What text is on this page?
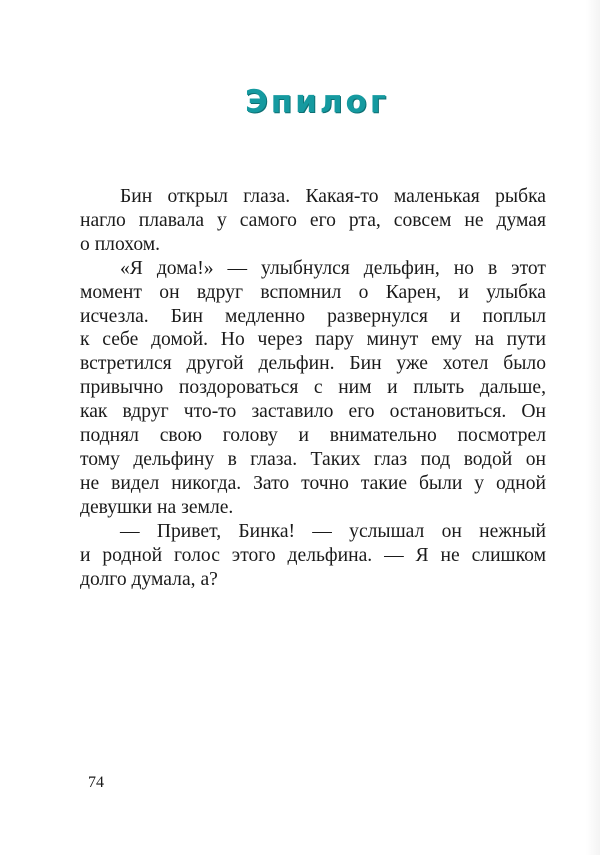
Эпилог
Бин открыл глаза. Какая-то маленькая рыбка
нагло плавала у самого его рта, совсем не думая
о плохом.
«Я дома!» — улыбнулся дельфин, но в этот
момент он вдруг вспомнил о Карен, и улыбка
исчезла. Бин медленно развернулся и поплыл
к себе домой. Но через пару минут ему на пути
встретился другой дельфин. Бин уже хотел было
привычно поздороваться с ним и плыть дальше,
как вдруг что-то заставило его остановиться. Он
поднял свою голову и внимательно посмотрел
тому дельфину в глаза. Таких глаз под водой он
не видел никогда. Зато точно такие были у одной
девушки на земле.
— Привет, Бинка! — услышал он нежный
и родной голос этого дельфина. — Я не слишком
долго думала, а?
74
